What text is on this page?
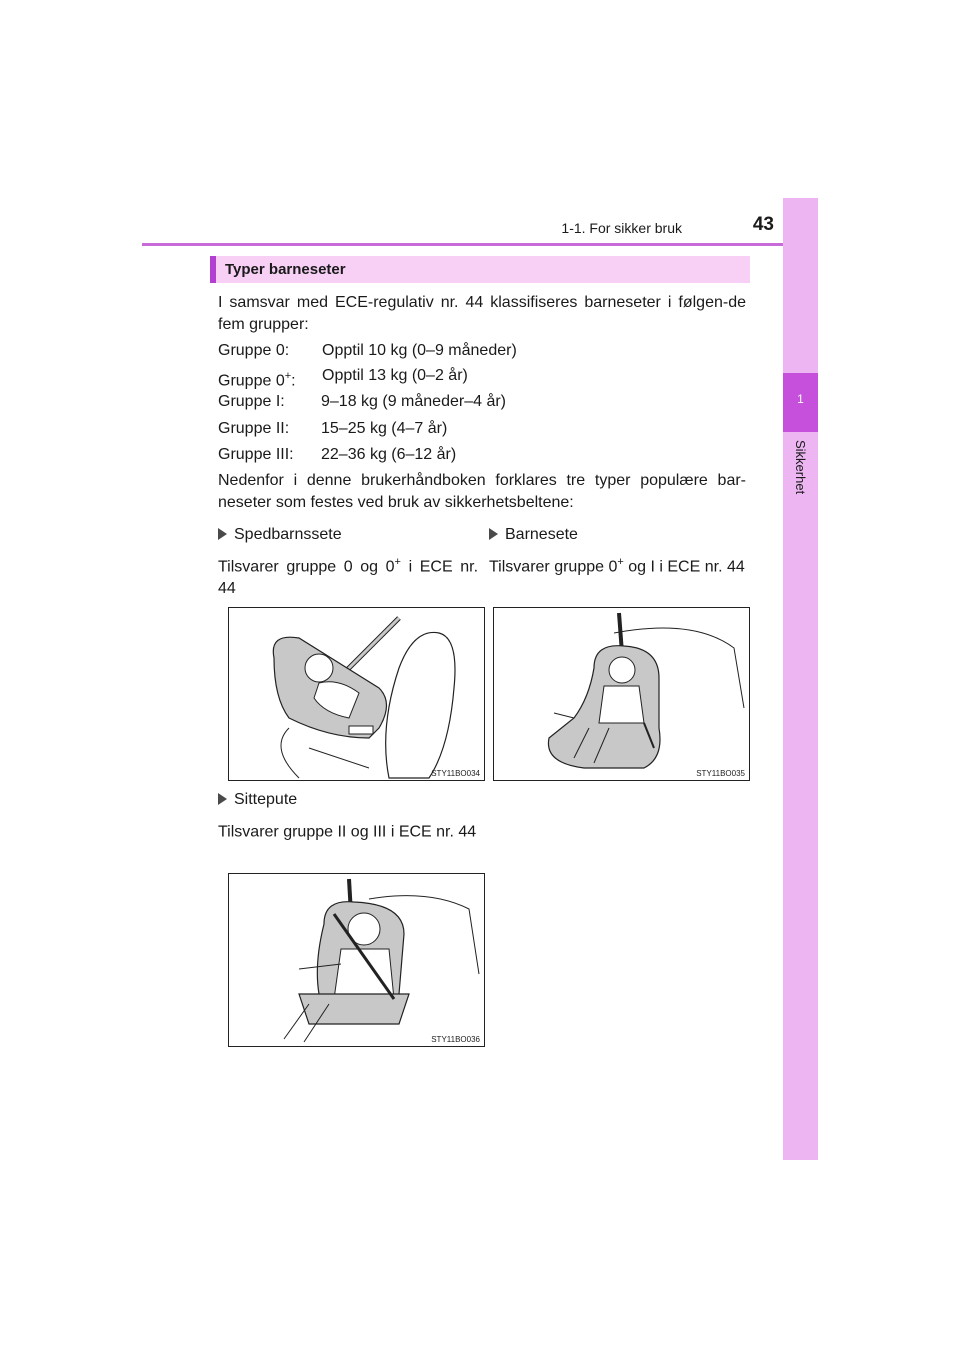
1-1. For sikker bruk	43
1
Sikkerhet
Typer barneseter
I samsvar med ECE-regulativ nr. 44 klassifiseres barneseter i følgen-de fem grupper:
Gruppe 0: Opptil 10 kg (0–9 måneder)
Gruppe 0+: Opptil 13 kg (0–2 år)
Gruppe I: 9–18 kg (9 måneder–4 år)
Gruppe II: 15–25 kg (4–7 år)
Gruppe III: 22–36 kg (6–12 år)
Nedenfor i denne brukerhåndboken forklares tre typer populære bar-neseter som festes ved bruk av sikkerhetsbeltene:
Spedbarnssete
Tilsvarer gruppe 0 og 0+ i ECE nr. 44
Barnesete
Tilsvarer gruppe 0+ og I i ECE nr. 44
STY11BO034	STY11BO035
Sittepute
Tilsvarer gruppe II og III i ECE nr. 44
STY11BO036
